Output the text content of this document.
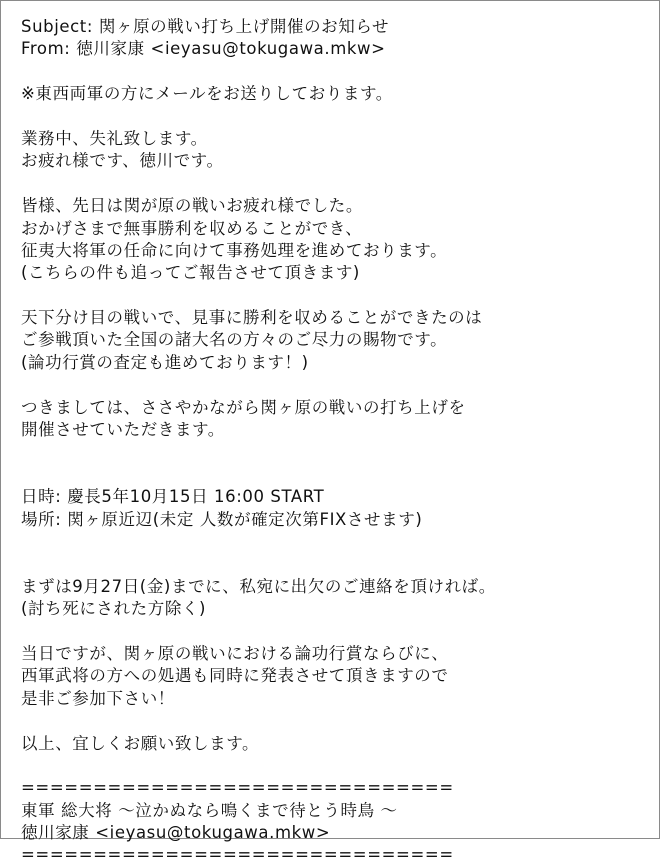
Subject: 関ヶ原の戦い打ち上げ開催のお知らせ
From: 徳川家康 <ieyasu@tokugawa.mkw>
※東西両軍の方にメールをお送りしております。
業務中、失礼致します。
お疲れ様です、徳川です。
皆様、先日は関が原の戦いお疲れ様でした。
おかげさまで無事勝利を収めることができ、
征夷大将軍の任命に向けて事務処理を進めております。
(こちらの件も追ってご報告させて頂きます)
天下分け目の戦いで、見事に勝利を収めることができたのは
ご参戦頂いた全国の諸大名の方々のご尽力の賜物です。
(論功行賞の査定も進めております！)
つきましては、ささやかながら関ヶ原の戦いの打ち上げを
開催させていただきます。
日時: 慶長5年10月15日 16:00 START
場所: 関ヶ原近辺(未定 人数が確定次第FIXさせます)
まずは9月27日(金)までに、私宛に出欠のご連絡を頂ければ。
(討ち死にされた方除く)
当日ですが、関ヶ原の戦いにおける論功行賞ならびに、
西軍武将の方への処遇も同時に発表させて頂きますので
是非ご参加下さい！
以上、宜しくお願い致します。
==============================
東軍 総大将 〜泣かぬなら鳴くまで待とう時鳥 〜
徳川家康 <ieyasu@tokugawa.mkw>
==============================
